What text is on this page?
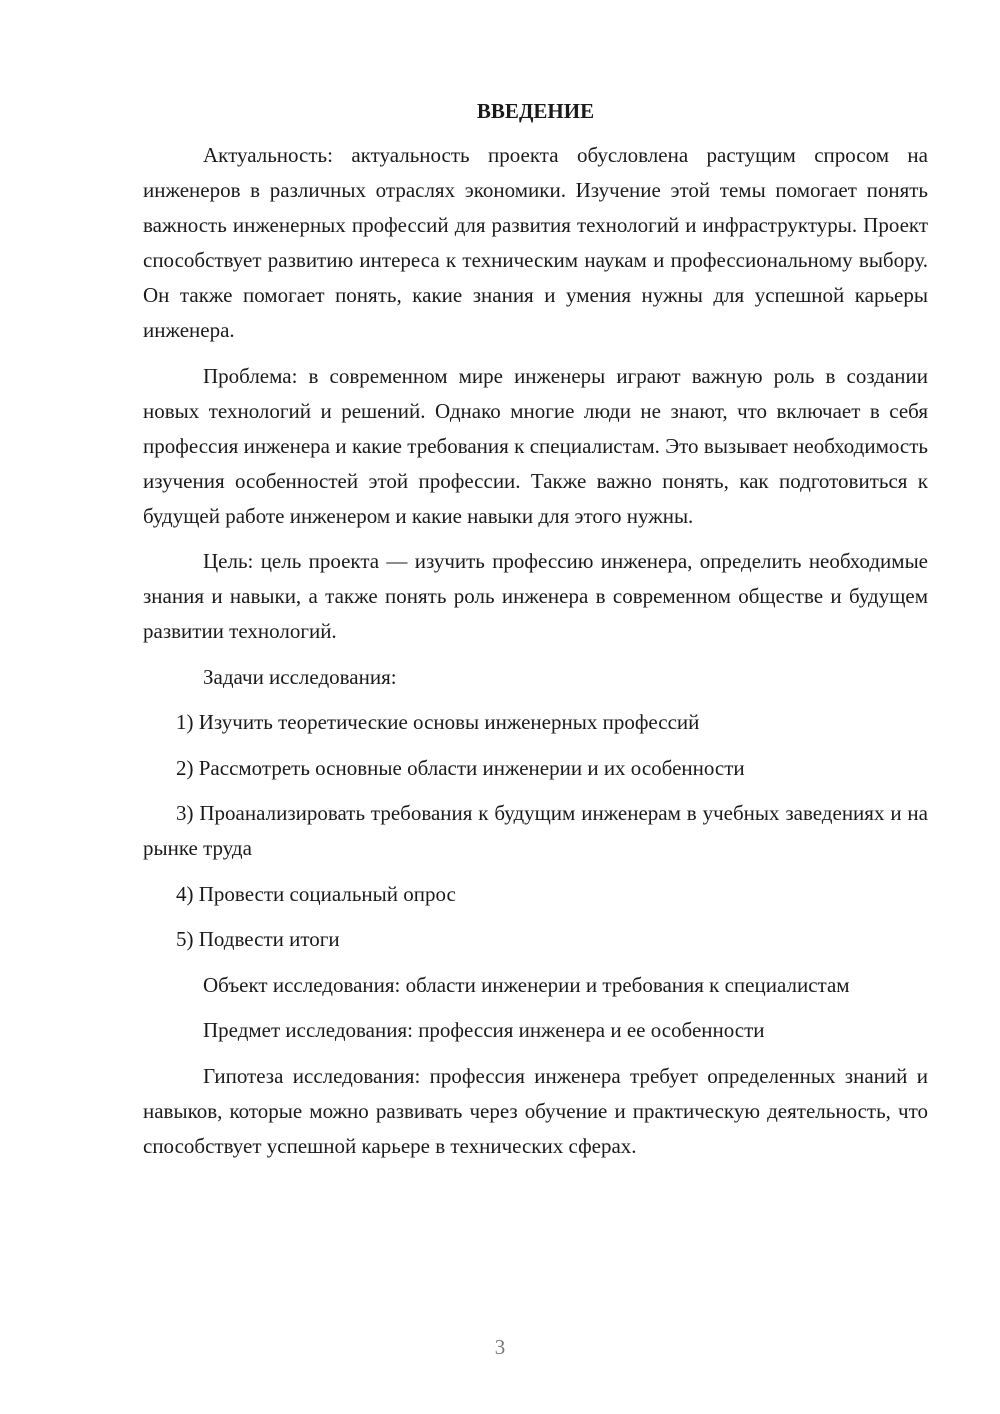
ВВЕДЕНИЕ

Актуальность: актуальность проекта обусловлена растущим спросом на инженеров в различных отраслях экономики. Изучение этой темы помогает понять важность инженерных профессий для развития технологий и инфраструктуры. Проект способствует развитию интереса к техническим наукам и профессиональному выбору. Он также помогает понять, какие знания и умения нужны для успешной карьеры инженера.

Проблема: в современном мире инженеры играют важную роль в создании новых технологий и решений. Однако многие люди не знают, что включает в себя профессия инженера и какие требования к специалистам. Это вызывает необходимость изучения особенностей этой профессии. Также важно понять, как подготовиться к будущей работе инженером и какие навыки для этого нужны.

Цель: цель проекта — изучить профессию инженера, определить необходимые знания и навыки, а также понять роль инженера в современном обществе и будущем развитии технологий.

Задачи исследования:

1) Изучить теоретические основы инженерных профессий

2) Рассмотреть основные области инженерии и их особенности

3) Проанализировать требования к будущим инженерам в учебных заведениях и на рынке труда

4) Провести социальный опрос

5) Подвести итоги

Объект исследования: области инженерии и требования к специалистам

Предмет исследования: профессия инженера и ее особенности

Гипотеза исследования: профессия инженера требует определенных знаний и навыков, которые можно развивать через обучение и практическую деятельность, что способствует успешной карьере в технических сферах.

3
